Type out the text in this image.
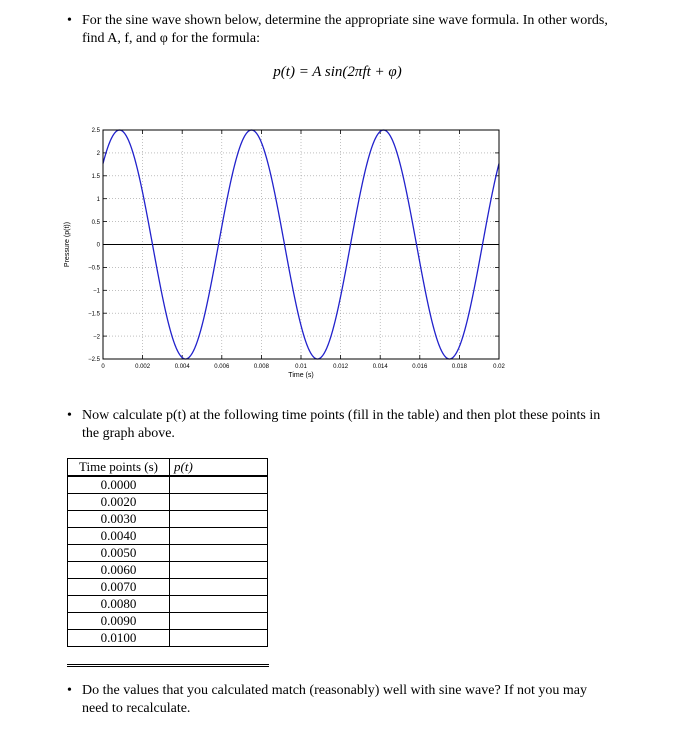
• For the sine wave shown below, determine the appropriate sine wave formula. In other words,
find A, f, and φ for the formula:
p(t) = A sin(2πft + φ)
0	0.002	0.004	0.006	0.008	0.01	0.012	0.014	0.016	0.018	0.02
−2.5
−2
−1.5
−1
−0.5
0
0.5
1
1.5
2
2.5
Time (s)
Pressure (p(t))
• Now calculate p(t) at the following time points (fill in the table) and then plot these points in
the graph above.
Time points (s)	p(t)
0.0000	
0.0020	
0.0030	
0.0040	
0.0050	
0.0060	
0.0070	
0.0080	
0.0090	
0.0100	
• Do the values that you calculated match (reasonably) well with sine wave? If not you may
need to recalculate.
